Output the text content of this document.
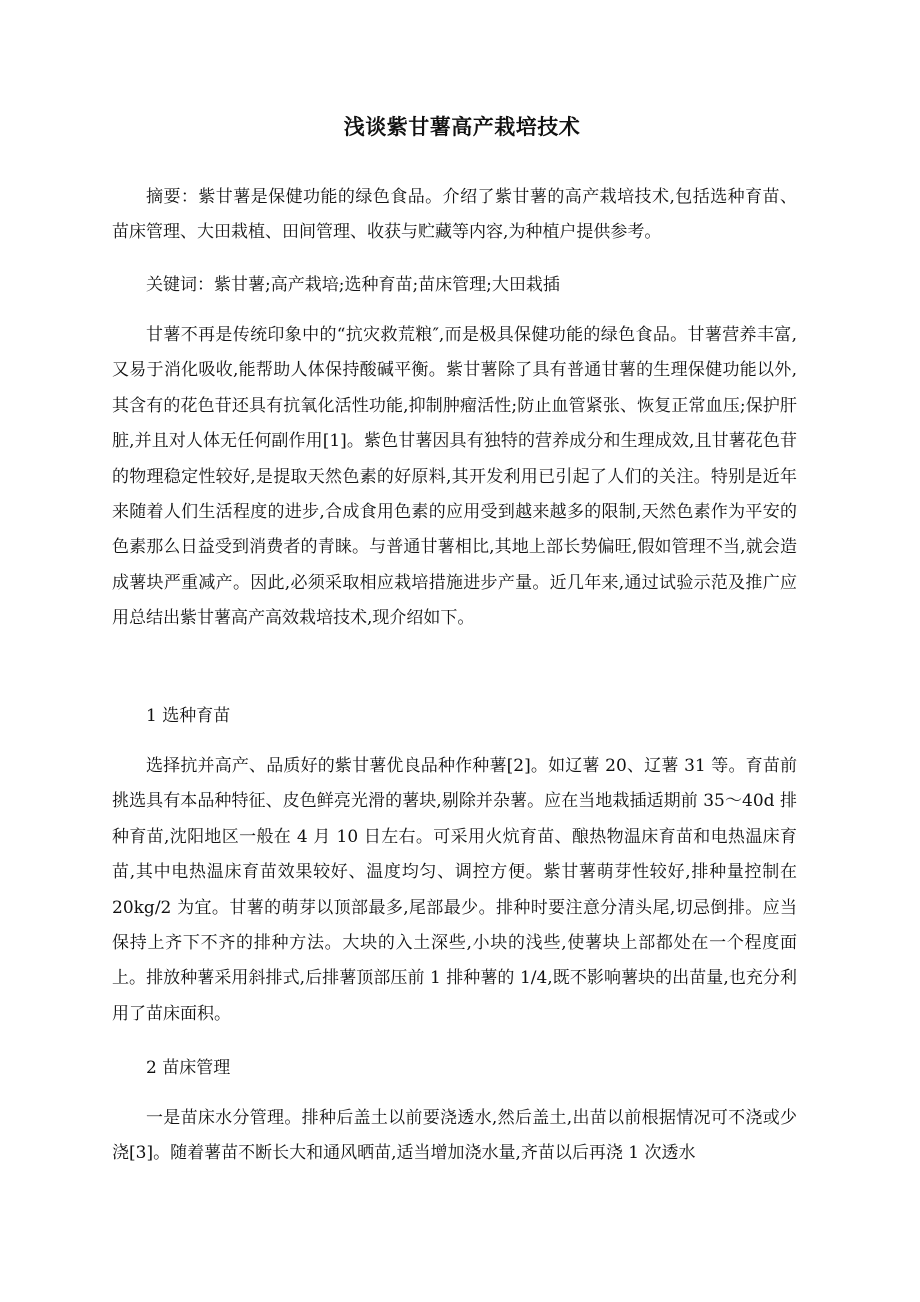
浅谈紫甘薯高产栽培技术

摘要：紫甘薯是保健功能的绿色食品。介绍了紫甘薯的高产栽培技术,包括选种育苗、苗床管理、大田栽植、田间管理、收获与贮藏等内容,为种植户提供参考。

关键词：紫甘薯;高产栽培;选种育苗;苗床管理;大田栽插

甘薯不再是传统印象中的“抗灾救荒粮″,而是极具保健功能的绿色食品。甘薯营养丰富,又易于消化吸收,能帮助人体保持酸碱平衡。紫甘薯除了具有普通甘薯的生理保健功能以外,其含有的花色苷还具有抗氧化活性功能,抑制肿瘤活性;防止血管紧张、恢复正常血压;保护肝脏,并且对人体无任何副作用[1]。紫色甘薯因具有独特的营养成分和生理成效,且甘薯花色苷的物理稳定性较好,是提取天然色素的好原料,其开发利用已引起了人们的关注。特别是近年来随着人们生活程度的进步,合成食用色素的应用受到越来越多的限制,天然色素作为平安的色素那么日益受到消费者的青睐。与普通甘薯相比,其地上部长势偏旺,假如管理不当,就会造成薯块严重减产。因此,必须采取相应栽培措施进步产量。近几年来,通过试验示范及推广应用总结出紫甘薯高产高效栽培技术,现介绍如下。

1 选种育苗

选择抗并高产、品质好的紫甘薯优良品种作种薯[2]。如辽薯 20、辽薯 31 等。育苗前挑选具有本品种特征、皮色鲜亮光滑的薯块,剔除并杂薯。应在当地栽插适期前 35～40d 排种育苗,沈阳地区一般在 4 月 10 日左右。可采用火炕育苗、酿热物温床育苗和电热温床育苗,其中电热温床育苗效果较好、温度均匀、调控方便。紫甘薯萌芽性较好,排种量控制在 20kg/2 为宜。甘薯的萌芽以顶部最多,尾部最少。排种时要注意分清头尾,切忌倒排。应当保持上齐下不齐的排种方法。大块的入土深些,小块的浅些,使薯块上部都处在一个程度面上。排放种薯采用斜排式,后排薯顶部压前 1 排种薯的 1/4,既不影响薯块的出苗量,也充分利用了苗床面积。

2 苗床管理

一是苗床水分管理。排种后盖土以前要浇透水,然后盖土,出苗以前根据情况可不浇或少浇[3]。随着薯苗不断长大和通风晒苗,适当增加浇水量,齐苗以后再浇 1 次透水
